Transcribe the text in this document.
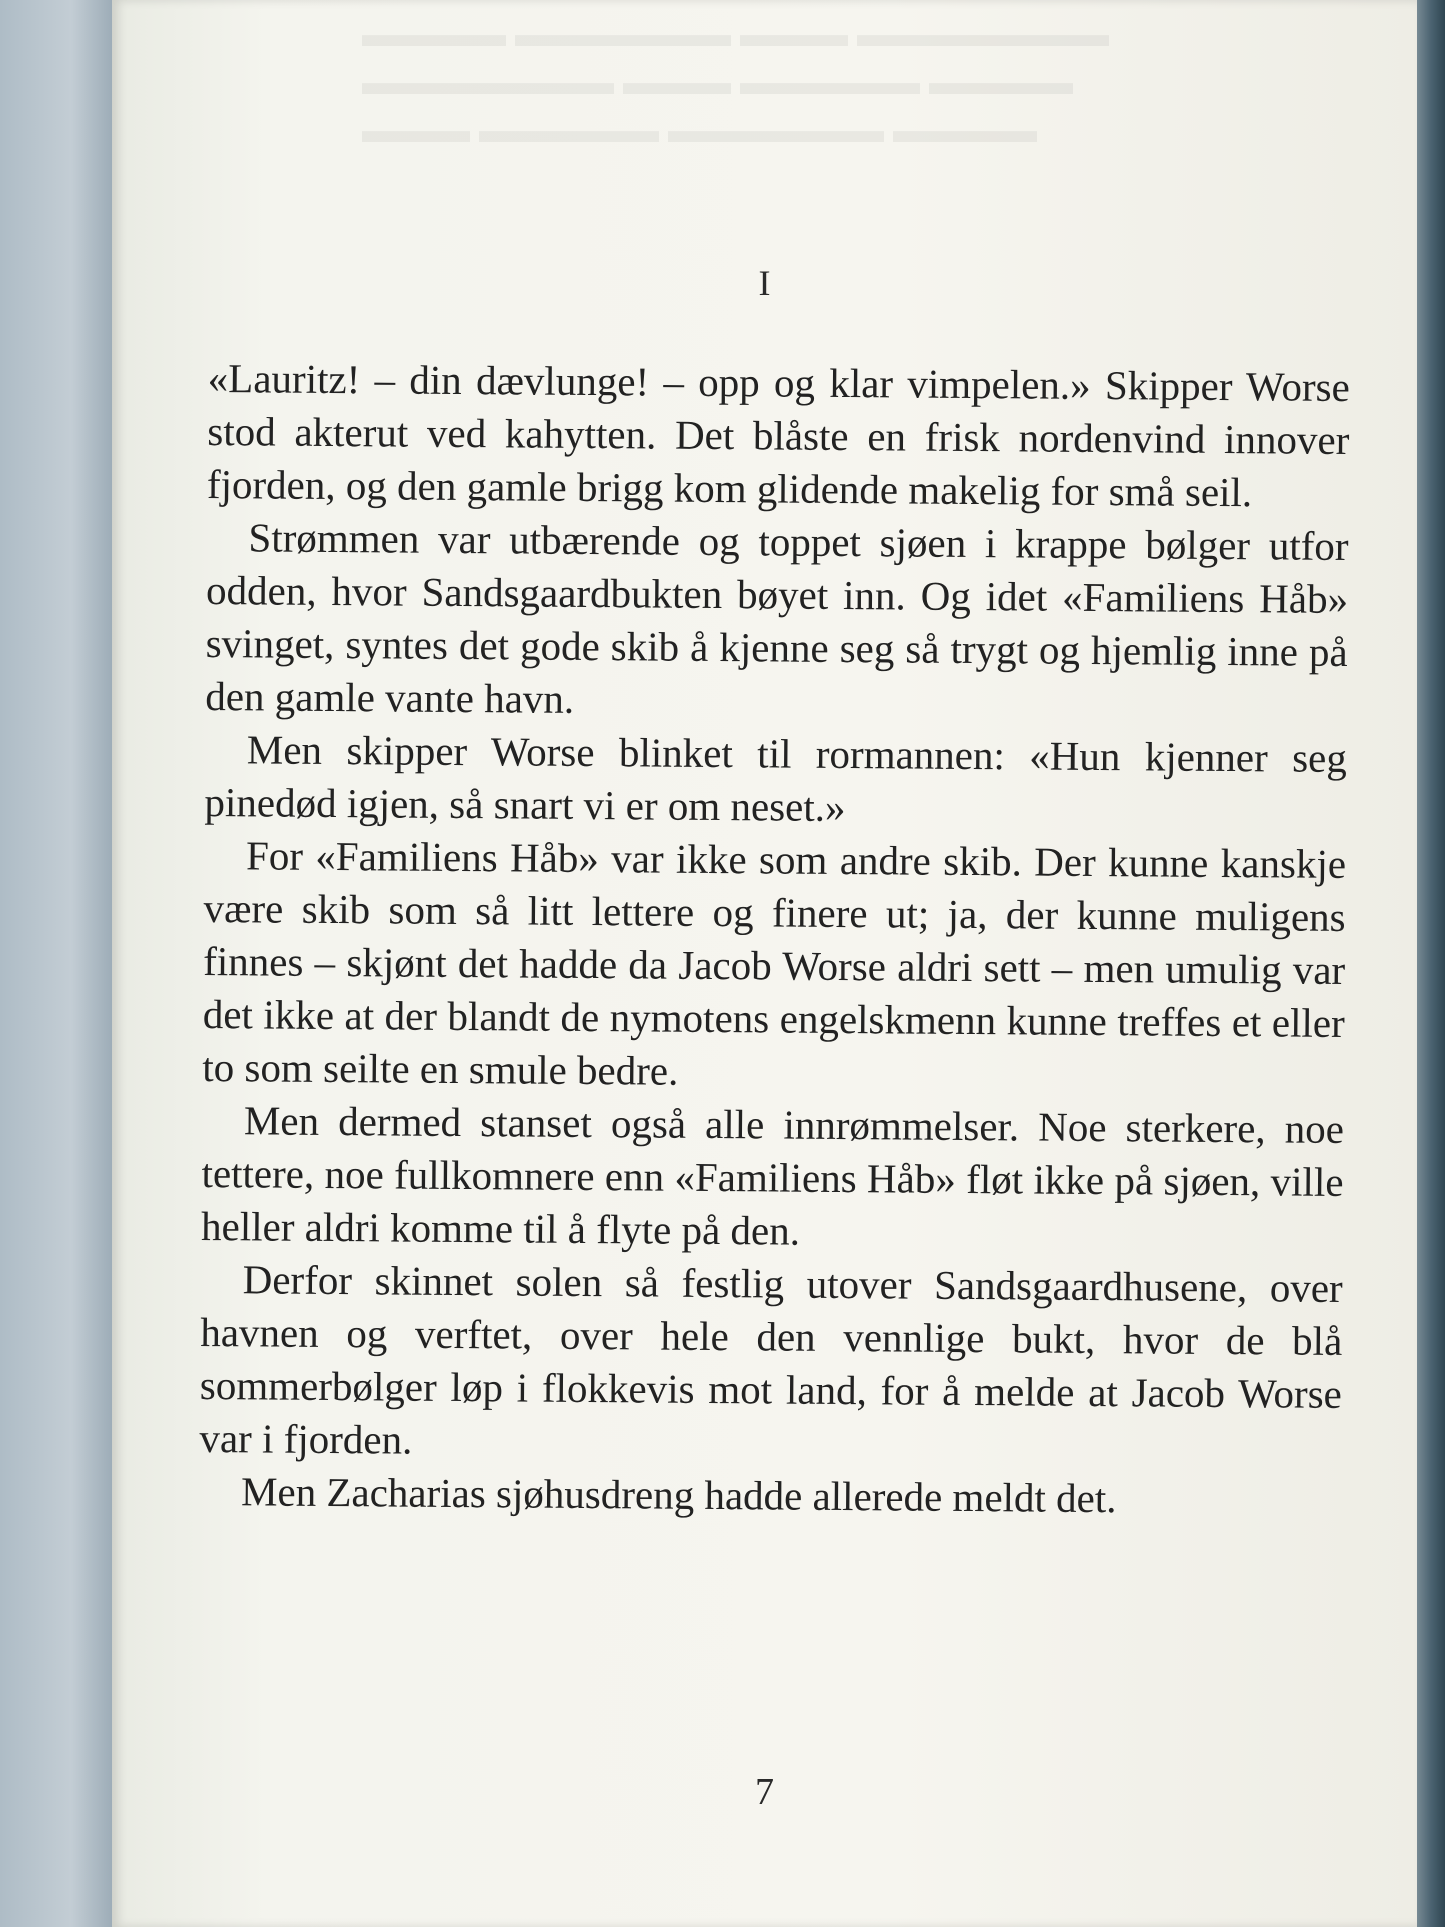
▬▬▬▬ ▬▬▬▬▬▬ ▬▬▬ ▬▬▬▬▬▬▬
▬▬▬▬▬▬▬ ▬▬▬ ▬▬▬▬▬ ▬▬▬▬
▬▬▬ ▬▬▬▬▬ ▬▬▬▬▬▬ ▬▬▬▬
I

«Lauritz! – din dævlunge! – opp og klar vimpelen.» Skipper Worse stod akterut ved kahytten. Det blåste en frisk nordenvind innover fjorden, og den gamle brigg kom glidende makelig for små seil.

Strømmen var utbærende og toppet sjøen i krappe bølger utfor odden, hvor Sandsgaardbukten bøyet inn. Og idet «Familiens Håb» svinget, syntes det gode skib å kjenne seg så trygt og hjemlig inne på den gamle vante havn.

Men skipper Worse blinket til rormannen: «Hun kjenner seg pinedød igjen, så snart vi er om neset.»

For «Familiens Håb» var ikke som andre skib. Der kunne kanskje være skib som så litt lettere og finere ut; ja, der kunne muligens finnes – skjønt det hadde da Jacob Worse aldri sett – men umulig var det ikke at der blandt de nymotens engelskmenn kunne treffes et eller to som seilte en smule bedre.

Men dermed stanset også alle innrømmelser. Noe sterkere, noe tettere, noe fullkomnere enn «Familiens Håb» fløt ikke på sjøen, ville heller aldri komme til å flyte på den.

Derfor skinnet solen så festlig utover Sandsgaardhusene, over havnen og verftet, over hele den vennlige bukt, hvor de blå sommerbølger løp i flokkevis mot land, for å melde at Jacob Worse var i fjorden.

Men Zacharias sjøhusdreng hadde allerede meldt det.

7
